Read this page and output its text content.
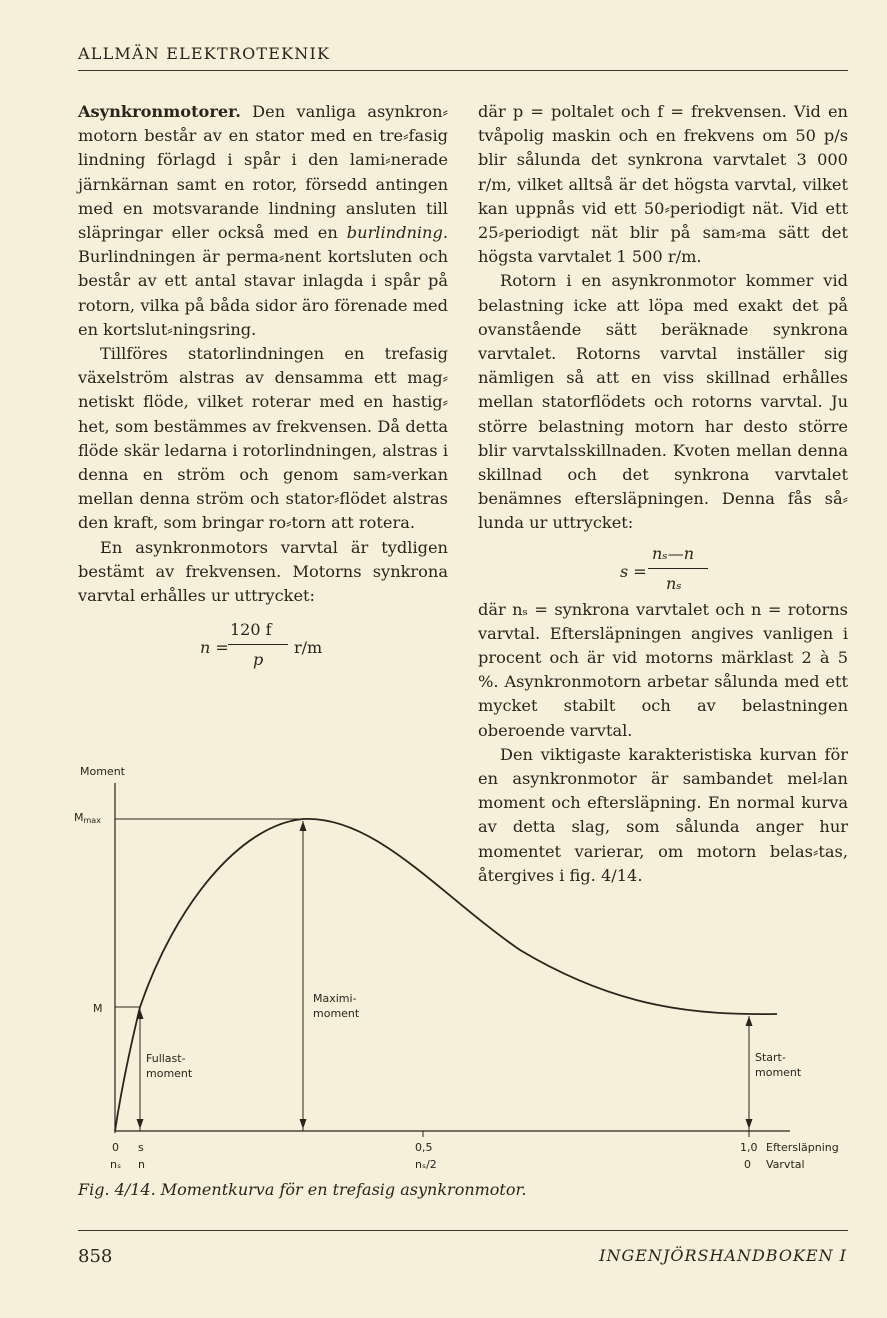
ALLMÄN ELEKTROTEKNIK

Asynkronmotorer. Den vanliga asynkron⸗motorn består av en stator med en tre⸗fasig lindning förlagd i spår i den lami⸗nerade järnkärnan samt en rotor, försedd antingen med en motsvarande lindning ansluten till släpringar eller också med en burlindning. Burlindningen är perma⸗nent kortsluten och består av ett antal stavar inlagda i spår på rotorn, vilka på båda sidor äro förenade med en kortslut⸗ningsring.

Tillföres statorlindningen en trefasig växelström alstras av densamma ett mag⸗netiskt flöde, vilket roterar med en hastig⸗het, som bestämmes av frekvensen. Då detta flöde skär ledarna i rotorlindningen, alstras i denna en ström och genom sam⸗verkan mellan denna ström och stator⸗flödet alstras den kraft, som bringar ro⸗torn att rotera.

En asynkronmotors varvtal är tydligen bestämt av frekvensen. Motorns synkrona varvtal erhålles ur uttrycket:

n =
120 f
p
r/m

där p = poltalet och f = frekvensen. Vid en tvåpolig maskin och en frekvens om 50 p/s blir sålunda det synkrona varvtalet 3 000 r/m, vilket alltså är det högsta varvtal, vilket kan uppnås vid ett 50⸗periodigt nät. Vid ett 25⸗periodigt nät blir på sam⸗ma sätt det högsta varvtalet 1 500 r/m.

Rotorn i en asynkronmotor kommer vid belastning icke att löpa med exakt det på ovanstående sätt beräknade synkrona varvtalet. Rotorns varvtal inställer sig nämligen så att en viss skillnad erhålles mellan statorflödets och rotorns varvtal. Ju större belastning motorn har desto större blir varvtalsskillnaden. Kvoten mellan denna skillnad och det synkrona varvtalet benämnes eftersläpningen. Denna fås så⸗lunda ur uttrycket:

s =
nₛ—n
nₛ

där nₛ = synkrona varvtalet och n = rotorns varvtal. Eftersläpningen angives vanligen i procent och är vid motorns märklast 2 à 5 %. Asynkronmotorn arbetar sålunda med ett mycket stabilt och av belastningen oberoende varvtal.

Den viktigaste karakteristiska kurvan för en asynkronmotor är sambandet mel⸗lan moment och eftersläpning. En normal kurva av detta slag, som sålunda anger hur momentet varierar, om motorn belas⸗tas, återgives i fig. 4/14.

Moment
Mmax
M
Maximi-
moment
Fullast-
moment
Start-
moment
0 s	0,5	1,0 Eftersläpning
nₛ n	nₛ/2	0 Varvtal
Fig. 4/14. Momentkurva för en trefasig asynkronmotor.
858	INGENJÖRSHANDBOKEN I
